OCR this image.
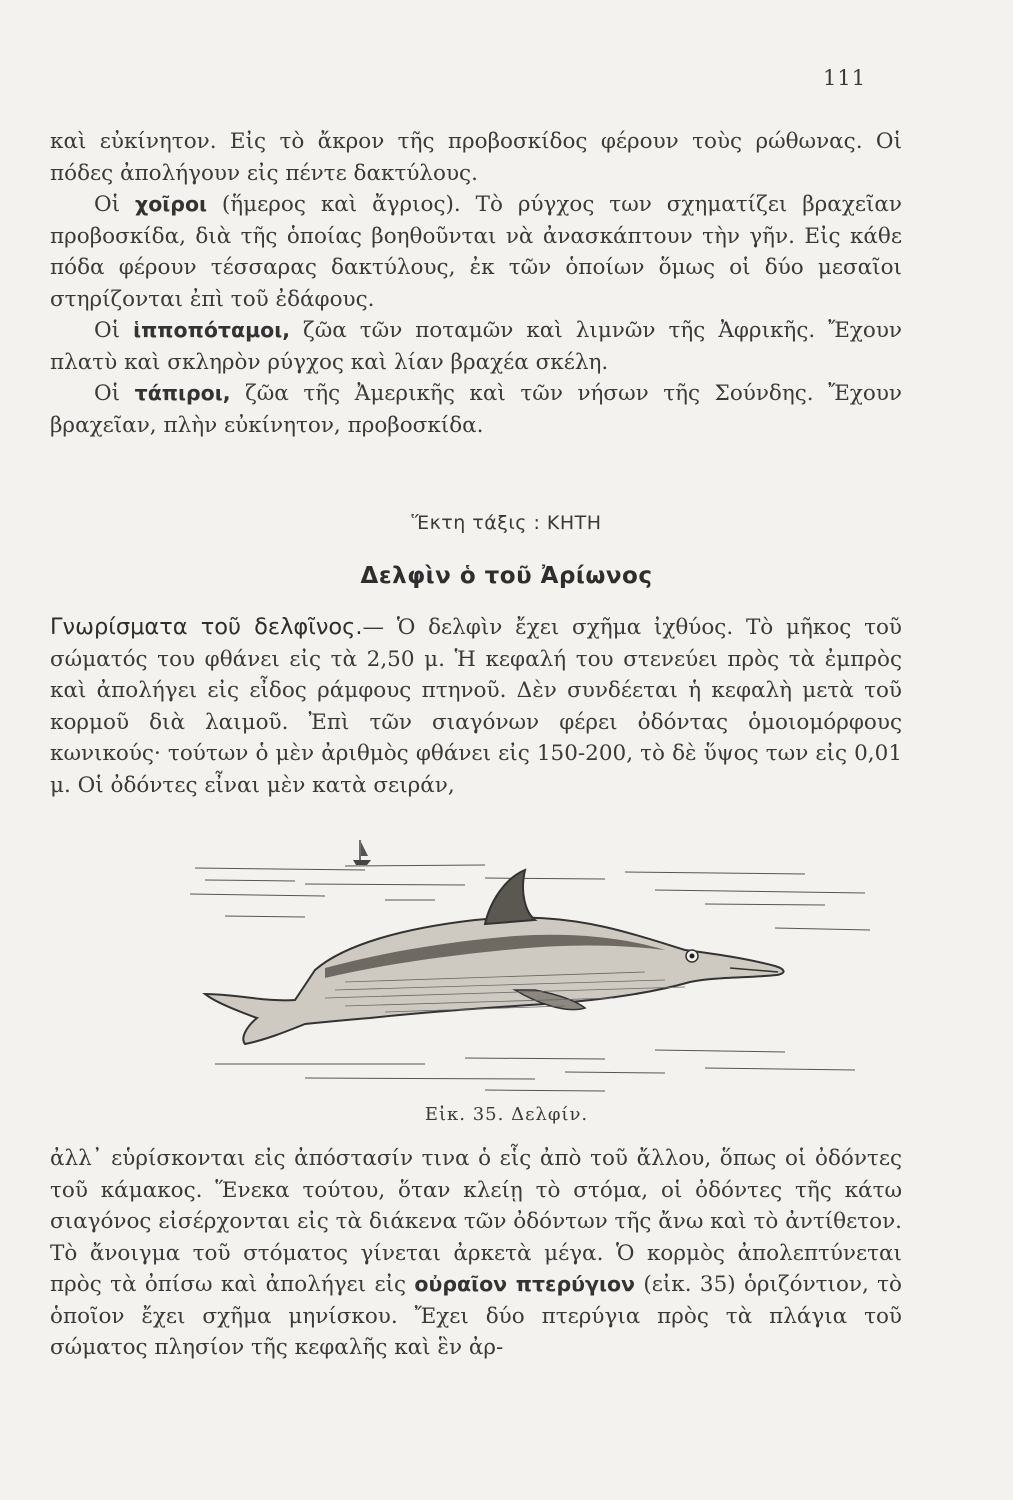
111

καὶ εὐκίνητον. Εἰς τὸ ἄκρον τῆς προβοσκίδος φέρουν τοὺς ρώθωνας. Οἱ πόδες ἀπολήγουν εἰς πέντε δακτύλους.

Οἱ χοῖροι (ἥμερος καὶ ἄγριος). Τὸ ρύγχος των σχηματίζει βραχεῖαν προβοσκίδα, διὰ τῆς ὁποίας βοηθοῦνται νὰ ἀνασκάπτουν τὴν γῆν. Εἰς κάθε πόδα φέρουν τέσσαρας δακτύλους, ἐκ τῶν ὁποίων ὅμως οἱ δύο μεσαῖοι στηρίζονται ἐπὶ τοῦ ἐδάφους.

Οἱ ἱπποπόταμοι, ζῶα τῶν ποταμῶν καὶ λιμνῶν τῆς Ἀφρικῆς. Ἔχουν πλατὺ καὶ σκληρὸν ρύγχος καὶ λίαν βραχέα σκέλη.

Οἱ τάπιροι, ζῶα τῆς Ἀμερικῆς καὶ τῶν νήσων τῆς Σούνδης. Ἔχουν βραχεῖαν, πλὴν εὐκίνητον, προβοσκίδα.

Ἕκτη τάξις : ΚΗΤΗ
Δελφὶν ὁ τοῦ Ἀρίωνος

Γνωρίσματα τοῦ δελφῖνος.— Ὁ δελφὶν ἔχει σχῆμα ἰχθύος. Τὸ μῆκος τοῦ σώματός του φθάνει εἰς τὰ 2,50 μ. Ἡ κεφαλή του στενεύει πρὸς τὰ ἐμπρὸς καὶ ἀπολήγει εἰς εἶδος ράμφους πτηνοῦ. Δὲν συνδέεται ἡ κεφαλὴ μετὰ τοῦ κορμοῦ διὰ λαιμοῦ. Ἐπὶ τῶν σιαγόνων φέρει ὀδόντας ὁμοιομόρφους κωνικούς· τούτων ὁ μὲν ἀριθμὸς φθάνει εἰς 150-200, τὸ δὲ ὕψος των εἰς 0,01 μ. Οἱ ὀδόντες εἶναι μὲν κατὰ σειράν,

Εἰκ. 35. Δελφίν.

ἀλλ᾽ εὑρίσκονται εἰς ἀπόστασίν τινα ὁ εἷς ἀπὸ τοῦ ἄλλου, ὅπως οἱ ὀδόντες τοῦ κάμακος. Ἕνεκα τούτου, ὅταν κλείῃ τὸ στόμα, οἱ ὀδόντες τῆς κάτω σιαγόνος εἰσέρχονται εἰς τὰ διάκενα τῶν ὀδόντων τῆς ἄνω καὶ τὸ ἀντίθετον. Τὸ ἄνοιγμα τοῦ στόματος γίνεται ἀρκετὰ μέγα. Ὁ κορμὸς ἀπολεπτύνεται πρὸς τὰ ὀπίσω καὶ ἀπολήγει εἰς οὐραῖον πτερύγιον (εἰκ. 35) ὁριζόντιον, τὸ ὁποῖον ἔχει σχῆμα μηνίσκου. Ἔχει δύο πτερύγια πρὸς τὰ πλάγια τοῦ σώματος πλησίον τῆς κεφαλῆς καὶ ἓν ἀρ-
